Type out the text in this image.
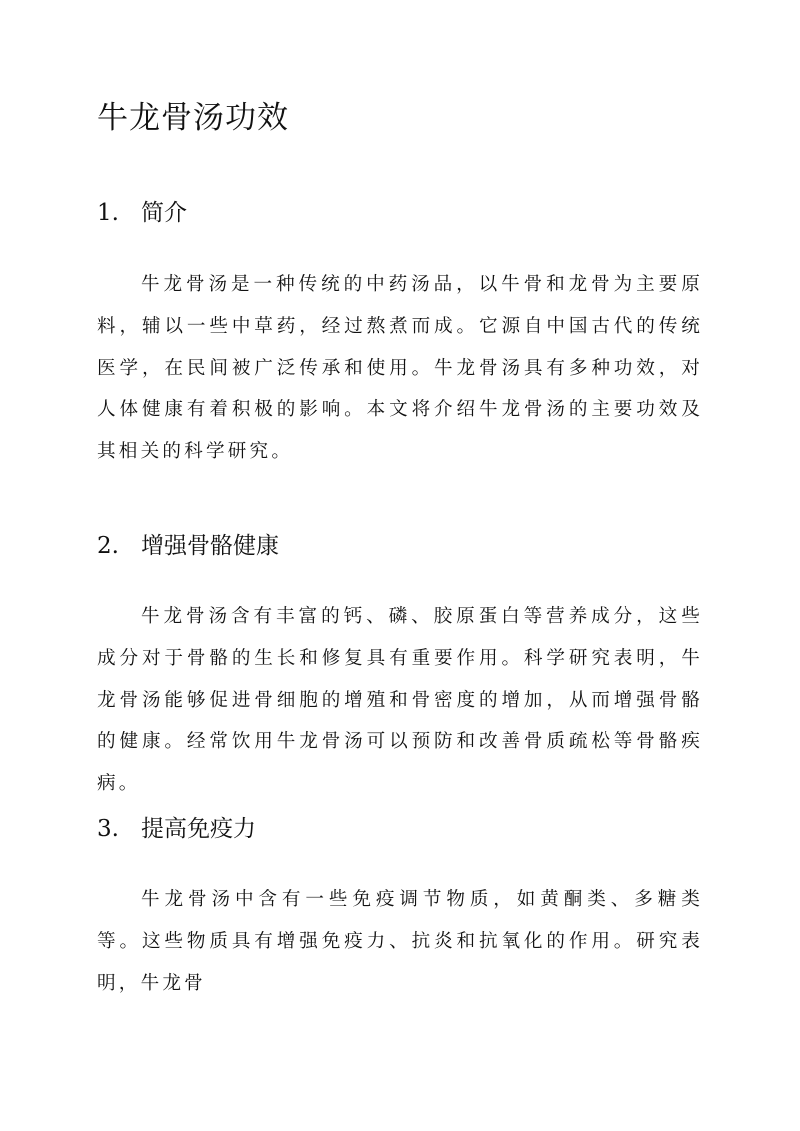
牛龙骨汤功效
1. 简介

牛龙骨汤是一种传统的中药汤品，以牛骨和龙骨为主要原料，辅以一些中草药，经过熬煮而成。它源自中国古代的传统医学，在民间被广泛传承和使用。牛龙骨汤具有多种功效，对人体健康有着积极的影响。本文将介绍牛龙骨汤的主要功效及其相关的科学研究。

2. 增强骨骼健康

牛龙骨汤含有丰富的钙、磷、胶原蛋白等营养成分，这些成分对于骨骼的生长和修复具有重要作用。科学研究表明，牛龙骨汤能够促进骨细胞的增殖和骨密度的增加，从而增强骨骼的健康。经常饮用牛龙骨汤可以预防和改善骨质疏松等骨骼疾病。

3. 提高免疫力

牛龙骨汤中含有一些免疫调节物质，如黄酮类、多糖类等。这些物质具有增强免疫力、抗炎和抗氧化的作用。研究表明，牛龙骨
